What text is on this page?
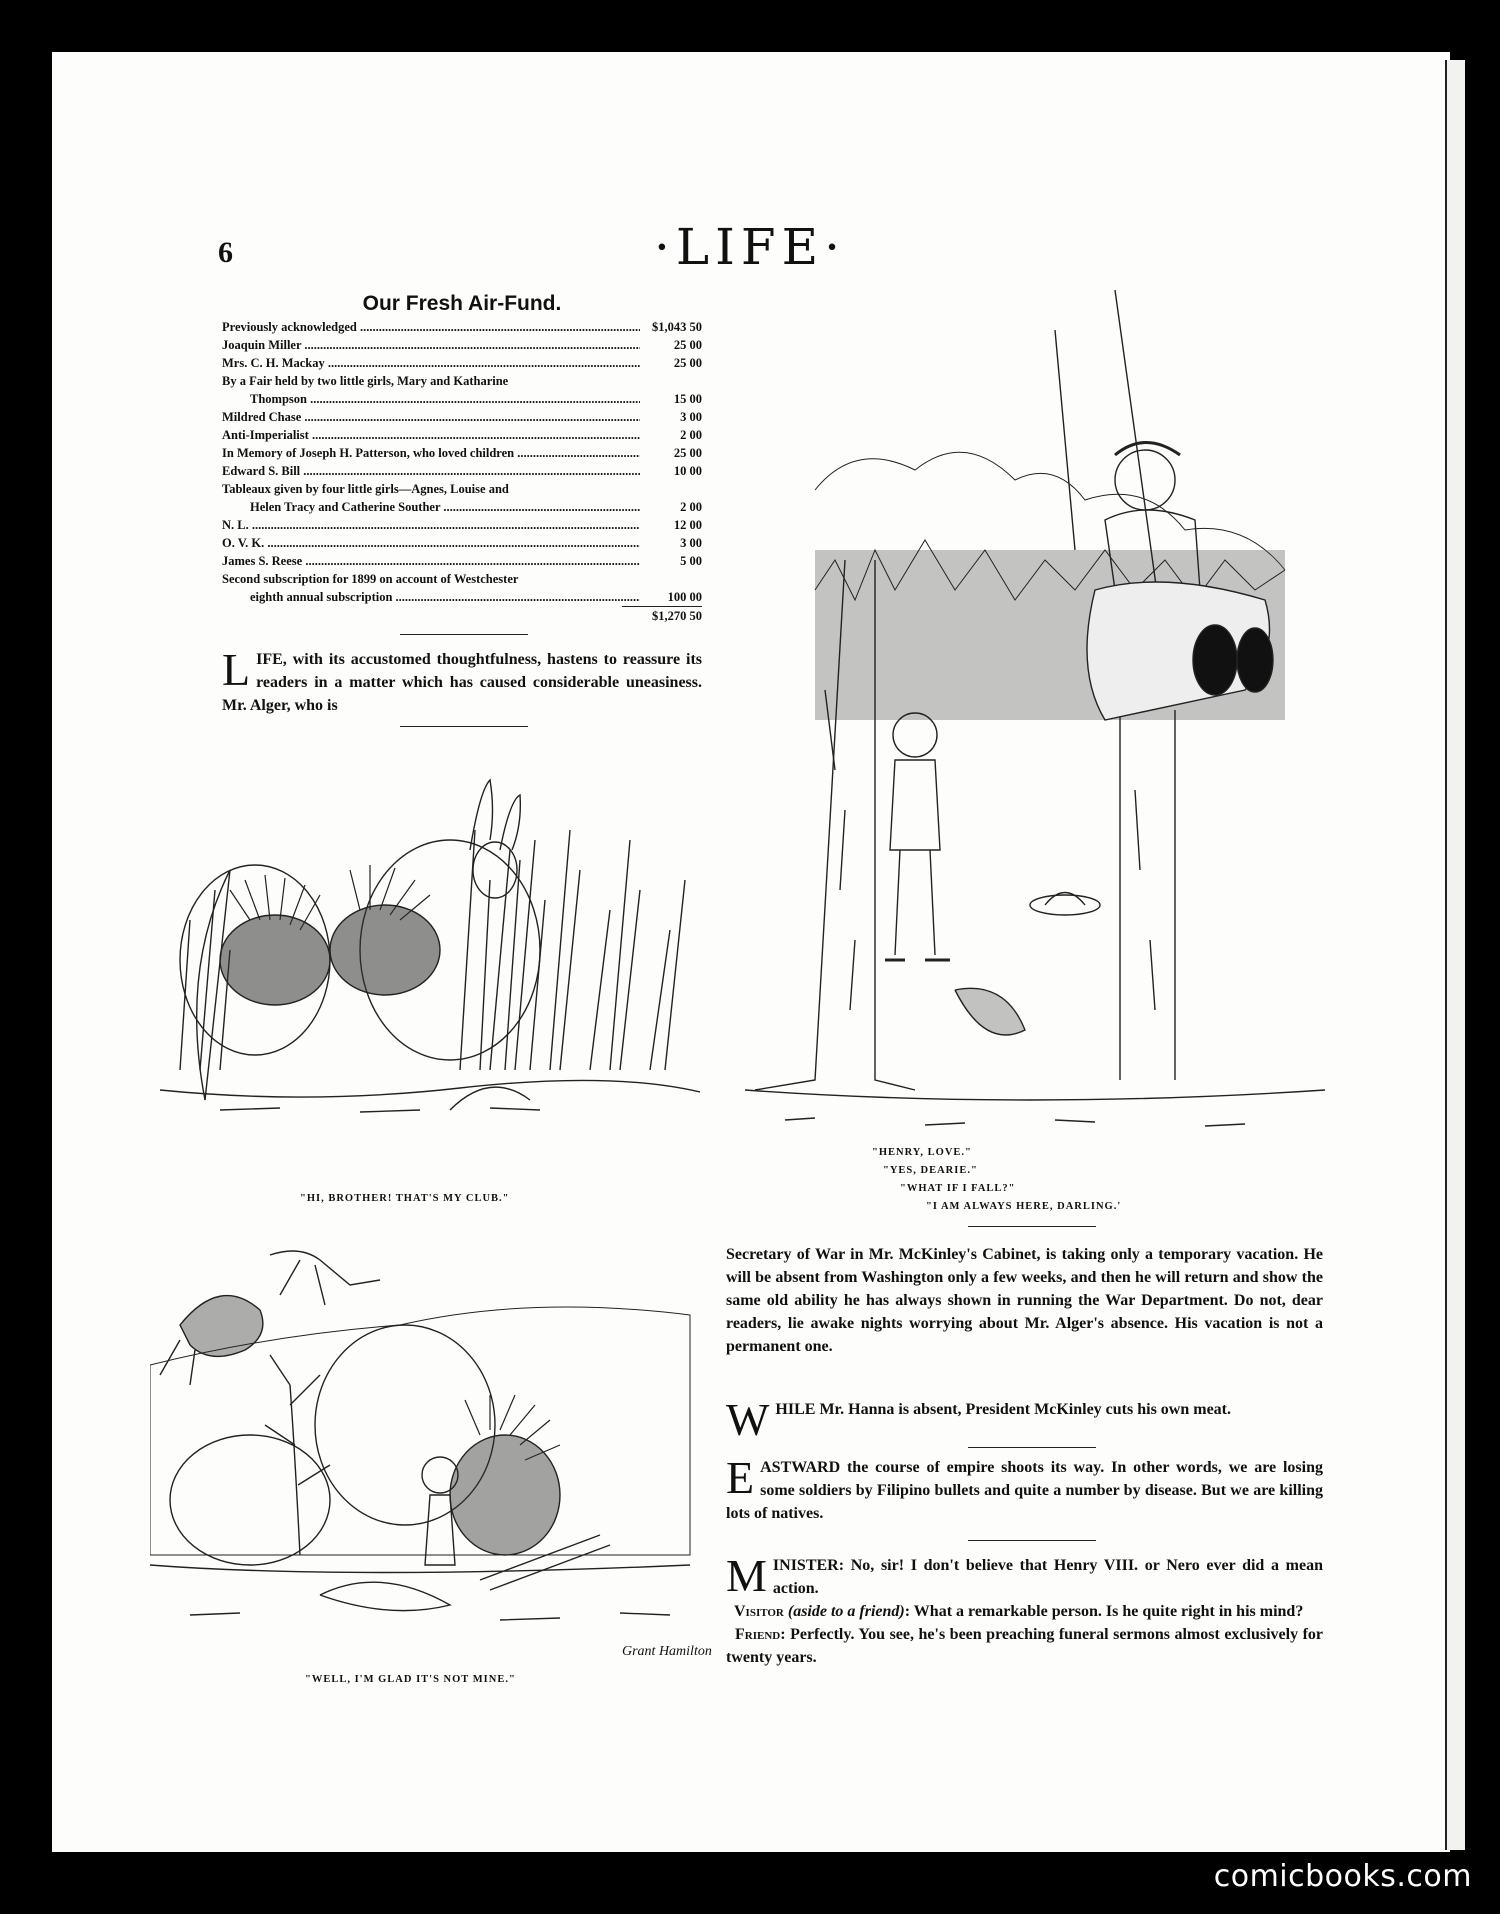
6	·LIFE·
Our Fresh Air-Fund.
Previously acknowledged .....	$1,043 50
Joaquin Miller .....	25 00
Mrs. C. H. Mackay .....	25 00
By a Fair held by two little girls, Mary and Katharine
Thompson .....	15 00
Mildred Chase .....	3 00
Anti-Imperialist .....	2 00
In Memory of Joseph H. Patterson, who loved children .....	25 00
Edward S. Bill .....	10 00
Tableaux given by four little girls—Agnes, Louise and
Helen Tracy and Catherine Souther .....	2 00
N. L. .....	12 00
O. V. K. .....	3 00
James S. Reese .....	5 00
Second subscription for 1899 on account of Westchester
eighth annual subscription .....	100 00
$1,270 50
LIFE, with its accustomed thoughtfulness, hastens to reassure its readers in a matter which has caused considerable uneasiness. Mr. Alger, who is
"HI, BROTHER! THAT'S MY CLUB."
"HENRY, LOVE."
"YES, DEARIE."
"WHAT IF I FALL?"
"I AM ALWAYS HERE, DARLING.'
Secretary of War in Mr. McKinley's Cabinet, is taking only a temporary vacation. He will be absent from Washington only a few weeks, and then he will return and show the same old ability he has always shown in running the War Department. Do not, dear readers, lie awake nights worrying about Mr. Alger's absence. His vacation is not a permanent one.
WHILE Mr. Hanna is absent, President McKinley cuts his own meat.
EASTWARD the course of empire shoots its way. In other words, we are losing some soldiers by Filipino bullets and quite a number by disease. But we are killing lots of natives.
MINISTER: No, sir! I don't believe that Henry VIII. or Nero ever did a mean action.
Visitor (aside to a friend): What a remarkable person. Is he quite right in his mind?
Friend: Perfectly. You see, he's been preaching funeral sermons almost exclusively for twenty years.
"WELL, I'M GLAD IT'S NOT MINE."
Grant Hamilton
comicbooks.com
